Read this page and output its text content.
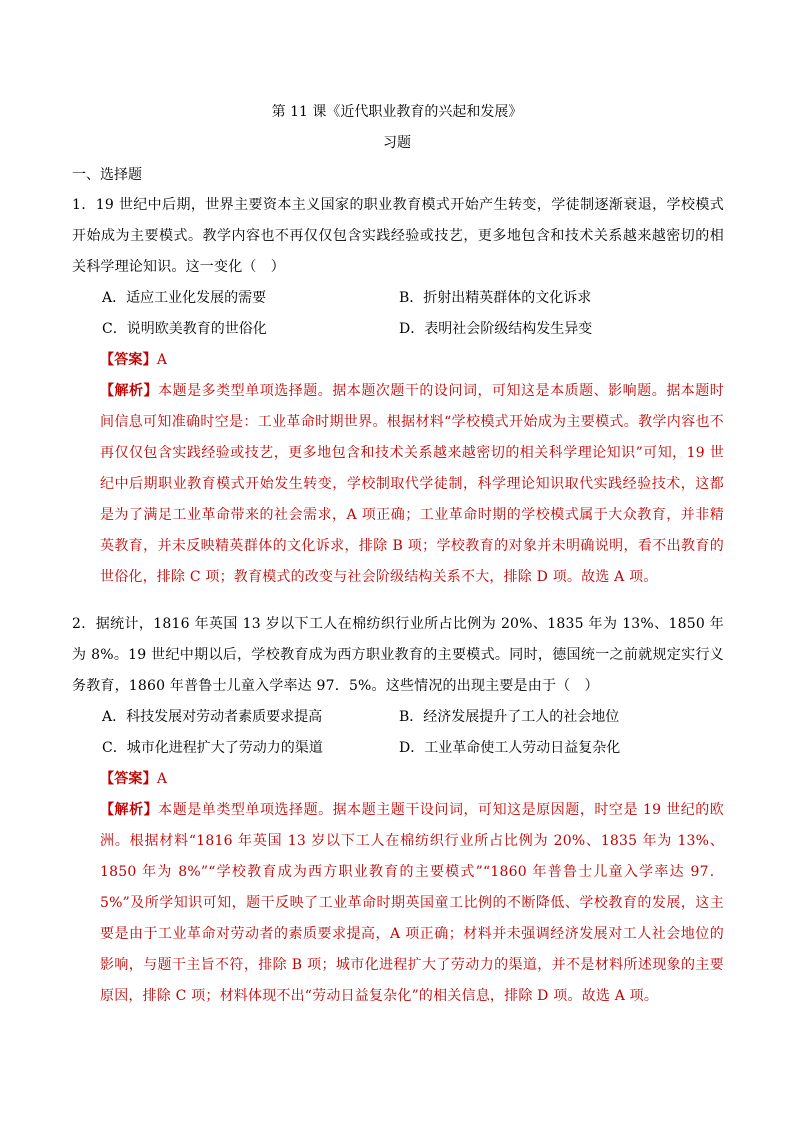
第 11 课《近代职业教育的兴起和发展》
习题
一、选择题

1．19 世纪中后期，世界主要资本主义国家的职业教育模式开始产生转变，学徒制逐渐衰退，学校模式开始成为主要模式。教学内容也不再仅仅包含实践经验或技艺，更多地包含和技术关系越来越密切的相关科学理论知识。这一变化（　）

A．适应工业化发展的需要	B．折射出精英群体的文化诉求
C．说明欧美教育的世俗化	D．表明社会阶级结构发生异变

【答案】A

【解析】本题是多类型单项选择题。据本题次题干的设问词，可知这是本质题、影响题。据本题时间信息可知准确时空是：工业革命时期世界。根据材料“学校模式开始成为主要模式。教学内容也不再仅仅包含实践经验或技艺，更多地包含和技术关系越来越密切的相关科学理论知识”可知，19 世纪中后期职业教育模式开始发生转变，学校制取代学徒制，科学理论知识取代实践经验技术，这都是为了满足工业革命带来的社会需求，A 项正确；工业革命时期的学校模式属于大众教育，并非精英教育，并未反映精英群体的文化诉求，排除 B 项；学校教育的对象并未明确说明，看不出教育的世俗化，排除 C 项；教育模式的改变与社会阶级结构关系不大，排除 D 项。故选 A 项。

2．据统计，1816 年英国 13 岁以下工人在棉纺织行业所占比例为 20%、1835 年为 13%、1850 年为 8%。19 世纪中期以后，学校教育成为西方职业教育的主要模式。同时，德国统一之前就规定实行义务教育，1860 年普鲁士儿童入学率达 97．5%。这些情况的出现主要是由于（　）

A．科技发展对劳动者素质要求提高	B．经济发展提升了工人的社会地位
C．城市化进程扩大了劳动力的渠道	D．工业革命使工人劳动日益复杂化

【答案】A

【解析】本题是单类型单项选择题。据本题主题干设问词，可知这是原因题，时空是 19 世纪的欧洲。根据材料“1816 年英国 13 岁以下工人在棉纺织行业所占比例为 20%、1835 年为 13%、1850 年为 8%”“学校教育成为西方职业教育的主要模式”“1860 年普鲁士儿童入学率达 97．5%”及所学知识可知，题干反映了工业革命时期英国童工比例的不断降低、学校教育的发展，这主要是由于工业革命对劳动者的素质要求提高，A 项正确；材料并未强调经济发展对工人社会地位的影响，与题干主旨不符，排除 B 项；城市化进程扩大了劳动力的渠道，并不是材料所述现象的主要原因，排除 C 项；材料体现不出“劳动日益复杂化”的相关信息，排除 D 项。故选 A 项。
